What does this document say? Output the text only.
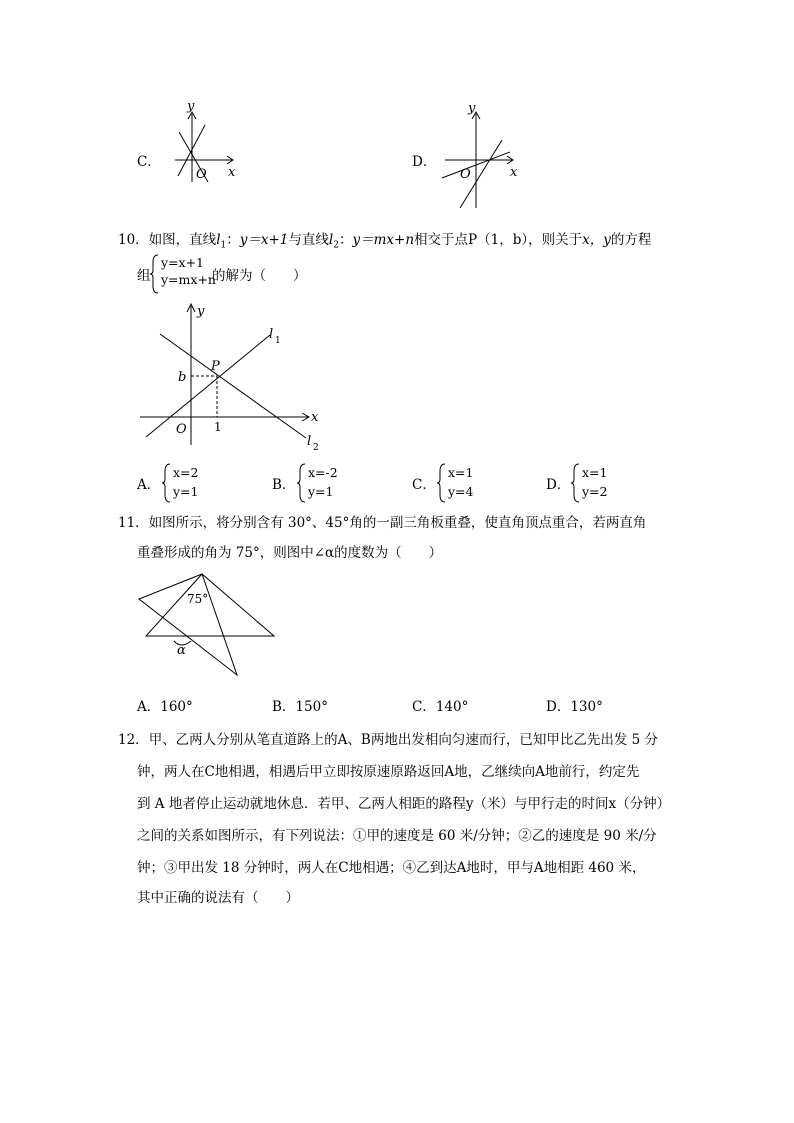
C．
y
x
O
D．
y
x
O
10．如图，直线$l_1$：y＝x+1与直线$l_2$：y＝mx+n相交于点P（1，b），则关于x，y的方程
组
y=x+1
y=mx+n
的解为（　　）
y
x
O
b
1
P
l 1
l 2
A．
x=2
y=1	B．
x=-2
y=1	C．
x=1
y=4	D．
x=1
y=2
11．如图所示，将分别含有 30°、45°角的一副三角板重叠，使直角顶点重合，若两直角
重叠形成的角为 75°，则图中∠α的度数为（　　）
75°
α
A．160°	B．150°	C．140°	D．130°
12．甲、乙两人分别从笔直道路上的A、B两地出发相向匀速而行，已知甲比乙先出发 5 分
钟，两人在C地相遇，相遇后甲立即按原速原路返回A地，乙继续向A地前行，约定先
到 A 地者停止运动就地休息．若甲、乙两人相距的路程y（米）与甲行走的时间x（分钟）
之间的关系如图所示，有下列说法：①甲的速度是 60 米/分钟；②乙的速度是 90 米/分
钟；③甲出发 18 分钟时，两人在C地相遇；④乙到达A地时，甲与A地相距 460 米，
其中正确的说法有（　　）
